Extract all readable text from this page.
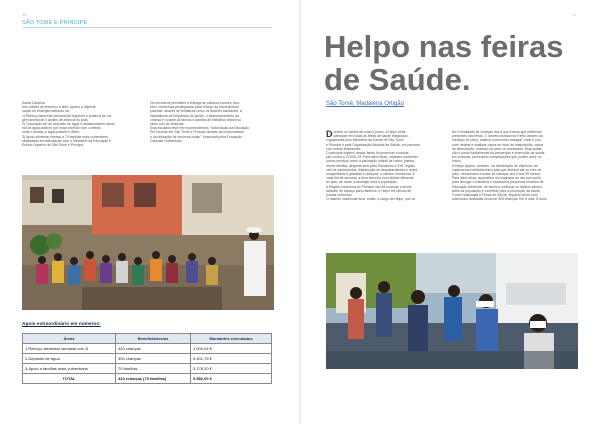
10
SÃO TOMÉ E PRÍNCIPE

Santa Catarina.

Nos meses de fevereiro e abril, apoiou a dissemi-

nação de emergência/fundo na:

1) Reforço alimentar semanal de legumes e proteína de ori-

gem animal de 4 jardins de infância no país;

2) Colocação de um depósito de água e abastecimento sema-

nal de água potável, por estar inserido num contexto

onde o acesso à água potável é difícil;

3) Apoio alimentar mensal a 70 famílias mais vulneráveis,

sinalizadas em articulação com o Ministério da Educação e

Ensino Superior de São Tomé e Príncipe.

Os encontros permitiam a entrega de cabazes houses, tam-

bém, momentos privilegiados para reforço da envolvimento

parental, através de temáticos como os lanches saudáveis, a

importância da frequência do jardim, o desenvolvimento da

criança e o papel da família e partilha de trabalhos desenvol-

vidos com as crianças.

Esta iniciativa teve em reconhecimento "Valorização da Educação

Pré-Escolar em São Tomé e Príncipe através da conformidade

e da utilização de recursos locais", financiado pela Fundação

Calouste Gulbenkian.

Apoio extraordinário em números:
Áreas	Beneficiários/as	Montantes executados
1.Reforço alimentar semanal nos JI	420 crianças	1.000,04 €
2.Depósito de água	305 crianças	5.401,76 €
3.Apoio a famílias mais vulneráveis	70 famílias	3.178,20 €
TOTAL	420 crianças (70 famílias)	9.580,00 €
11
Helpo nas feiras
de Saúde.
São Tomé, Madalena Ortigão
D urante os meses de maio e junho, a Helpo pôde

participar em todas as feiras de saúde integradas,

organizadas pelo Ministério da Saúde de São Tomé

e Príncipe e pela Organização Mundial da Saúde, em parceria

com outras instituições.

O principal objetivo destas feiras foi promover a vacina-

ção contra a COVID-19. Para além disso, estavam presentes

outros serviços como a vacinação infantil de rotina, planea-

mento familiar, despiste amo para Paludismo e VIH, registo

civil de nascimentos, distribuição de desparasitantes e redes

mosquiteiras à grávidas e crianças, e rastreio nutricional. A

cada fim de semana, a feira decorria num distrito diferente

do país, de modo a abranger toda a população.

A Região Autónoma do Príncipe não foi excecão e serviu

também de espaço para rastreios, e Helpo fez deixou de

marcar presença.

O rastreio nutricional fixos, então, a cargo da Helpo, que se

fez e finalidade às crianças dos 6 aos 5 anos que estiveram

presentes nas feiras. O rastreio nutricional é feito através da

medição do peso, relativa e perímetro braquial, onde é pos-

sível detetar e sinalizar casos de risco de malnutrição, casos

de desnutrição, excesso de peso ou obesidade. Esta avalia-

ção é ponto fundamental da prevenção e promoção de saúde

em crianças, prevenindo complicações que podem advir no

futuro.

A Helpo apoiou, também, na distribuição de Vitamina, um

suplemento multivitamínico pais que ferbens até ao mês de

julho, direcionado a todas as crianças dos 6 aos 59 meses.

Para além disso, aproveitou do programa de dar a proveito

para divulgar o trabalhos e realizamos pequenas sessões de

Educação Alimentar, de forma a melhorar os hábitos alimen-

tares da população e contribuir para a promoção da saúde.

Foram realizadas 8 Feiras de Saúde, impacto direto num

total foram avaliadas cerca de 300 crianças. Em 5 dias, 5 anos
